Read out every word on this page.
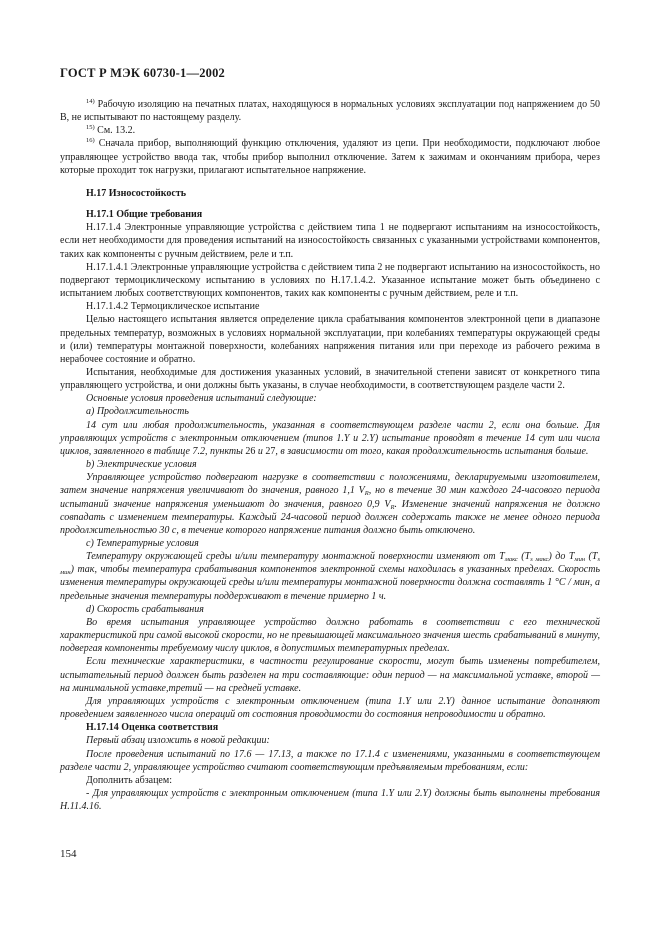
ГОСТ Р МЭК 60730-1—2002

$^{14)}$ Рабочую изоляцию на печатных платах, находящуюся в нормальных условиях эксплуатации под напряжением до 50 В, не испытывают по настоящему разделу.

$^{15)}$ См. 13.2.

$^{16)}$ Сначала прибор, выполняющий функцию отключения, удаляют из цепи. При необходимости, подключают любое управляющее устройство ввода так, чтобы прибор выполнил отключение. Затем к зажимам и окончаниям прибора, через которые проходит ток нагрузки, прилагают испытательное напряжение.

Н.17 Износостойкость

Н.17.1 Общие требования

Н.17.1.4 Электронные управляющие устройства с действием типа 1 не подвергают испытаниям на износостойкость, если нет необходимости для проведения испытаний на износостойкость связанных с указанными устройствами компонентов, таких как компоненты с ручным действием, реле и т.п.

Н.17.1.4.1 Электронные управляющие устройства с действием типа 2 не подвергают испытанию на износостойкость, но подвергают термоциклическому испытанию в условиях по Н.17.1.4.2. Указанное испытание может быть объединено с испытанием любых соответствующих компонентов, таких как компоненты с ручным действием, реле и т.п.

Н.17.1.4.2 Термоциклическое испытание

Целью настоящего испытания является определение цикла срабатывания компонентов электронной цепи в диапазоне предельных температур, возможных в условиях нормальной эксплуатации, при колебаниях температуры окружающей среды и (или) температуры монтажной поверхности, колебаниях напряжения питания или при переходе из рабочего режима в нерабочее состояние и обратно.

Испытания, необходимые для достижения указанных условий, в значительной степени зависят от конкретного типа управляющего устройства, и они должны быть указаны, в случае необходимости, в соответствующем разделе части 2.

Основные условия проведения испытаний следующие:

а) Продолжительность

14 сут или любая продолжительность, указанная в соответствующем разделе части 2, если она больше. Для управляющих устройств с электронным отключением (типов 1.Y и 2.Y) испытание проводят в течение 14 сут или числа циклов, заявленного в таблице 7.2, пункты 26 и 27, в зависимости от того, какая продолжительность испытания больше.

b) Электрические условия

Управляющее устройство подвергают нагрузке в соответствии с положениями, декларируемыми изготовителем, затем значение напряжения увеличивают до значения, равного 1,1 $V_R$, но в течение 30 мин каждого 24-часового периода испытаний значение напряжения уменьшают до значения, равного 0,9 $V_R$. Изменение значений напряжения не должно совпадать с изменением температуры. Каждый 24-часовой период должен содержать также не менее одного периода продолжительностью 30 с, в течение которого напряжение питания должно быть отключено.

с) Температурные условия

Температуру окружающей среды и/или температуру монтажной поверхности изменяют от $T_{макс}$ $(T_{s макс})$ до $T_{мин}$ $(T_{s мин})$ так, чтобы температура срабатывания компонентов электронной схемы находилась в указанных пределах. Скорость изменения температуры окружающей среды и/или температуры монтажной поверхности должна составлять 1 °С / мин, а предельные значения температуры поддерживают в течение примерно 1 ч.

d) Скорость срабатывания

Во время испытания управляющее устройство должно работать в соответствии с его технической характеристикой при самой высокой скорости, но не превышающей максимального значения шесть срабатываний в минуту, подвергая компоненты требуемому числу циклов, в допустимых температурных пределах.

Если технические характеристики, в частности регулирование скорости, могут быть изменены потребителем, испытательный период должен быть разделен на три составляющие: один период — на максимальной уставке, второй — на минимальной уставке,третий — на средней уставке.

Для управляющих устройств с электронным отключением (типа 1.Y или 2.Y) данное испытание дополняют проведением заявленного числа операций от состояния проводимости до состояния непроводимости и обратно.

Н.17.14 Оценка соответствия

Первый абзац изложить в новой редакции:

После проведения испытаний по 17.6 — 17.13, а также по 17.1.4 с изменениями, указанными в соответствующем разделе части 2, управляющее устройство считают соответствующим предъявляемым требованиям, если:

Дополнить абзацем:

- Для управляющих устройств с электронным отключением (типа 1.Y или 2.Y) должны быть выполнены требования Н.11.4.16.

154
